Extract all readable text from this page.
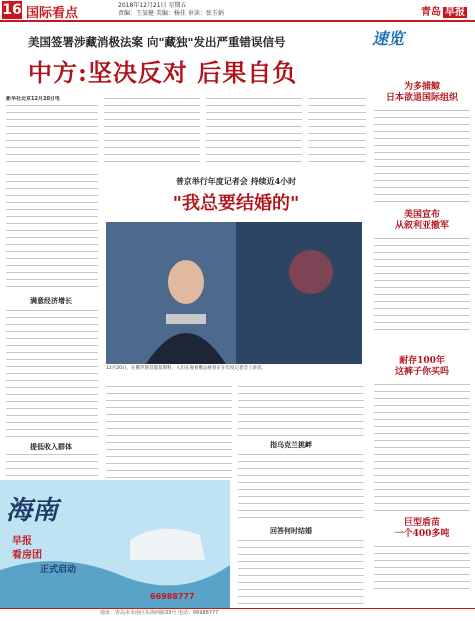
16 国际看点
2018年12月21日 星期五
责编：王玺健 美编：杨佳 审读：张玉娟	青岛 早报
美国签署涉藏消极法案 向"藏独"发出严重错误信号
中方:坚决反对 后果自负
新华社北京12月20日电
满意经济增长
提低收入群体
普京举行年度记者会 持续近4小时
"我总要结婚的"
12月20日，在俄罗斯首都莫斯科，人们在观看俄总统普京在年度记者会上讲话。
指乌克兰挑衅
回答何时结婚
速览
为多捕鲸
日本欲退国际组织
美国宣布
从叙利亚撤军
耐存100年
这裤子你买吗
巨型盾苗
一个400多吨
海南
早报
看房团
正式启动
66988777
地址：青岛市市南区东海西路33号 电话：66988777
